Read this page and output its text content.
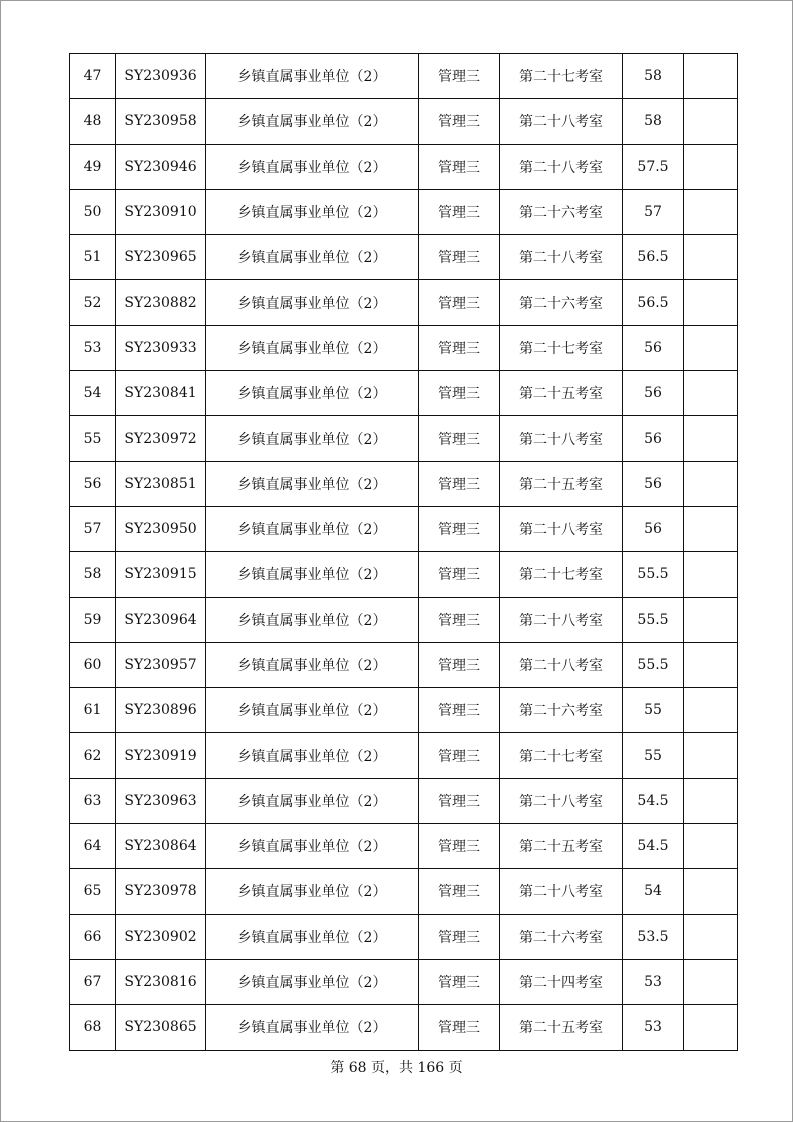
47	SY230936	乡镇直属事业单位（2）	管理三	第二十七考室	58	
48	SY230958	乡镇直属事业单位（2）	管理三	第二十八考室	58	
49	SY230946	乡镇直属事业单位（2）	管理三	第二十八考室	57.5	
50	SY230910	乡镇直属事业单位（2）	管理三	第二十六考室	57	
51	SY230965	乡镇直属事业单位（2）	管理三	第二十八考室	56.5	
52	SY230882	乡镇直属事业单位（2）	管理三	第二十六考室	56.5	
53	SY230933	乡镇直属事业单位（2）	管理三	第二十七考室	56	
54	SY230841	乡镇直属事业单位（2）	管理三	第二十五考室	56	
55	SY230972	乡镇直属事业单位（2）	管理三	第二十八考室	56	
56	SY230851	乡镇直属事业单位（2）	管理三	第二十五考室	56	
57	SY230950	乡镇直属事业单位（2）	管理三	第二十八考室	56	
58	SY230915	乡镇直属事业单位（2）	管理三	第二十七考室	55.5	
59	SY230964	乡镇直属事业单位（2）	管理三	第二十八考室	55.5	
60	SY230957	乡镇直属事业单位（2）	管理三	第二十八考室	55.5	
61	SY230896	乡镇直属事业单位（2）	管理三	第二十六考室	55	
62	SY230919	乡镇直属事业单位（2）	管理三	第二十七考室	55	
63	SY230963	乡镇直属事业单位（2）	管理三	第二十八考室	54.5	
64	SY230864	乡镇直属事业单位（2）	管理三	第二十五考室	54.5	
65	SY230978	乡镇直属事业单位（2）	管理三	第二十八考室	54	
66	SY230902	乡镇直属事业单位（2）	管理三	第二十六考室	53.5	
67	SY230816	乡镇直属事业单位（2）	管理三	第二十四考室	53	
68	SY230865	乡镇直属事业单位（2）	管理三	第二十五考室	53	
第 68 页，共 166 页
